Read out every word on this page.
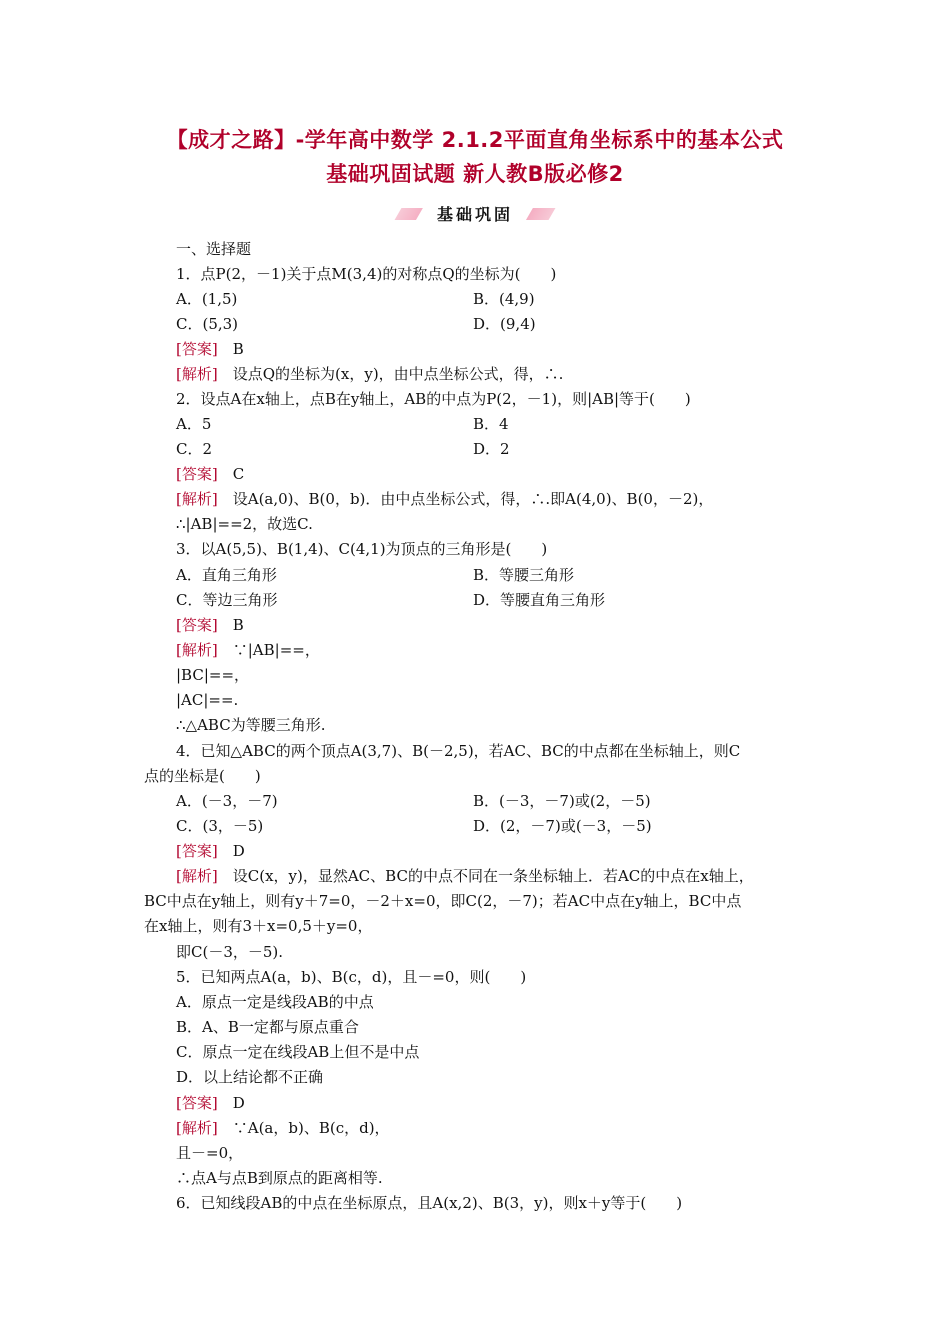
【成才之路】-学年高中数学 2.1.2平面直角坐标系中的基本公式
基础巩固试题 新人教B版必修2
基础巩固
一、选择题
1．点P(2，－1)关于点M(3,4)的对称点Q的坐标为(　　)
A．(1,5)	B．(4,9)
C．(5,3)	D．(9,4)
[答案]　 B
[解析]　 设点Q的坐标为(x，y)，由中点坐标公式，得，∴.
2．设点A在x轴上，点B在y轴上，AB的中点为P(2，－1)，则|AB|等于(　　)
A．5	B．4
C．2	D．2
[答案]　 C
[解析]　 设A(a,0)、B(0，b)．由中点坐标公式，得，∴.即A(4,0)、B(0，－2)，
∴|AB|==2，故选C.
3．以A(5,5)、B(1,4)、C(4,1)为顶点的三角形是(　　)
A．直角三角形	B．等腰三角形
C．等边三角形	D．等腰直角三角形
[答案]　 B
[解析]　 ∵|AB|==，
|BC|==，
|AC|==.
∴△ABC为等腰三角形.
4．已知△ABC的两个顶点A(3,7)、B(－2,5)，若AC、BC的中点都在坐标轴上，则C
点的坐标是(　　)
A．(－3，－7)	B．(－3，－7)或(2，－5)
C．(3，－5)	D．(2，－7)或(－3，－5)
[答案]　 D
[解析]　 设C(x，y)，显然AC、BC的中点不同在一条坐标轴上．若AC的中点在x轴上，
BC中点在y轴上，则有y＋7=0，－2＋x=0，即C(2，－7)；若AC中点在y轴上，BC中点
在x轴上，则有3＋x=0,5＋y=0，
即C(－3，－5).
5．已知两点A(a，b)、B(c，d)，且－=0，则(　　)
A．原点一定是线段AB的中点
B．A、B一定都与原点重合
C．原点一定在线段AB上但不是中点
D．以上结论都不正确
[答案]　 D
[解析]　 ∵A(a，b)、B(c，d)，
且－=0，
∴点A与点B到原点的距离相等.
6．已知线段AB的中点在坐标原点，且A(x,2)、B(3，y)，则x＋y等于(　　)
